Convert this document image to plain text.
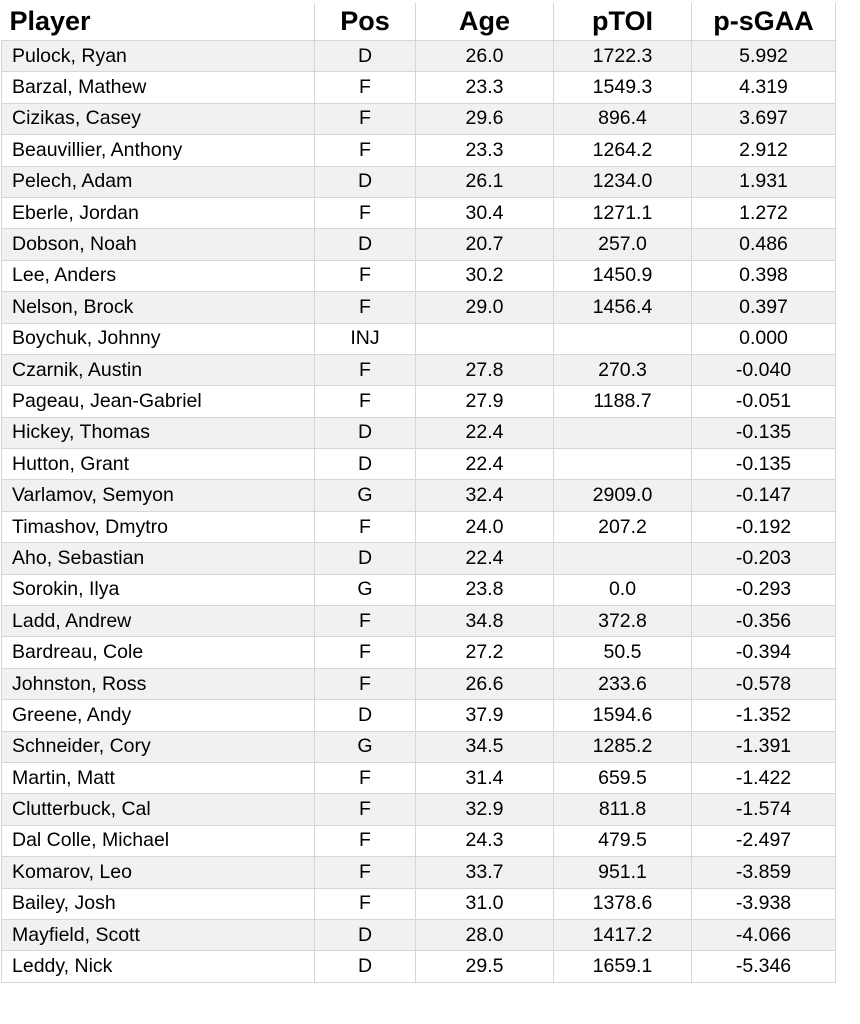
Player	Pos	Age	pTOI	p-sGAA
Pulock, Ryan	D	26.0	1722.3	5.992
Barzal, Mathew	F	23.3	1549.3	4.319
Cizikas, Casey	F	29.6	896.4	3.697
Beauvillier, Anthony	F	23.3	1264.2	2.912
Pelech, Adam	D	26.1	1234.0	1.931
Eberle, Jordan	F	30.4	1271.1	1.272
Dobson, Noah	D	20.7	257.0	0.486
Lee, Anders	F	30.2	1450.9	0.398
Nelson, Brock	F	29.0	1456.4	0.397
Boychuk, Johnny	INJ			0.000
Czarnik, Austin	F	27.8	270.3	-0.040
Pageau, Jean-Gabriel	F	27.9	1188.7	-0.051
Hickey, Thomas	D	22.4		-0.135
Hutton, Grant	D	22.4		-0.135
Varlamov, Semyon	G	32.4	2909.0	-0.147
Timashov, Dmytro	F	24.0	207.2	-0.192
Aho, Sebastian	D	22.4		-0.203
Sorokin, Ilya	G	23.8	0.0	-0.293
Ladd, Andrew	F	34.8	372.8	-0.356
Bardreau, Cole	F	27.2	50.5	-0.394
Johnston, Ross	F	26.6	233.6	-0.578
Greene, Andy	D	37.9	1594.6	-1.352
Schneider, Cory	G	34.5	1285.2	-1.391
Martin, Matt	F	31.4	659.5	-1.422
Clutterbuck, Cal	F	32.9	811.8	-1.574
Dal Colle, Michael	F	24.3	479.5	-2.497
Komarov, Leo	F	33.7	951.1	-3.859
Bailey, Josh	F	31.0	1378.6	-3.938
Mayfield, Scott	D	28.0	1417.2	-4.066
Leddy, Nick	D	29.5	1659.1	-5.346
